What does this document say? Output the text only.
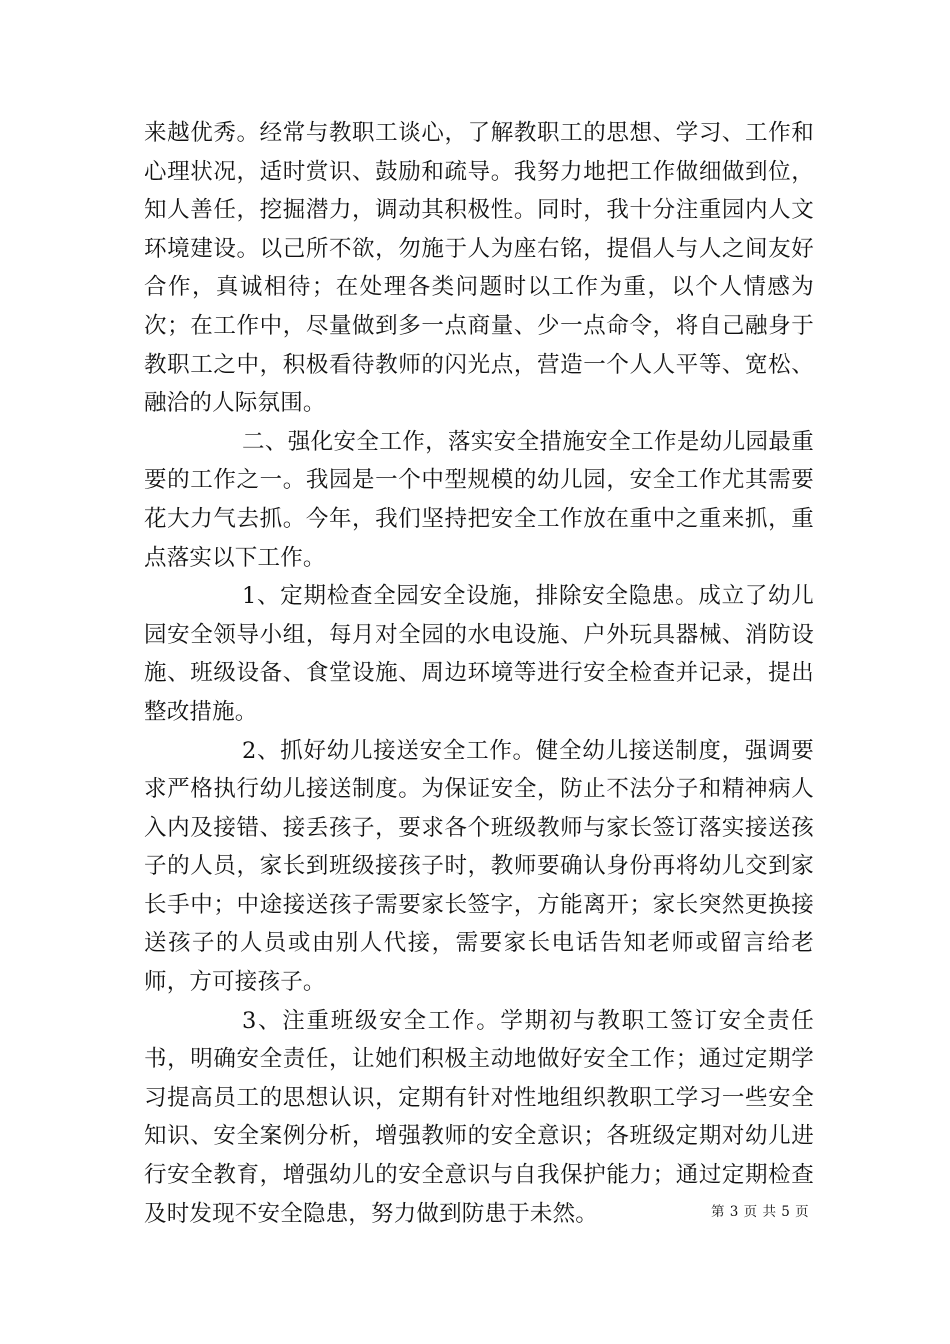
来越优秀。经常与教职工谈心，了解教职工的思想、学习、工作和心理状况，适时赏识、鼓励和疏导。我努力地把工作做细做到位，知人善任，挖掘潜力，调动其积极性。同时，我十分注重园内人文环境建设。以己所不欲，勿施于人为座右铭，提倡人与人之间友好合作，真诚相待；在处理各类问题时以工作为重，以个人情感为次；在工作中，尽量做到多一点商量、少一点命令，将自己融身于教职工之中，积极看待教师的闪光点，营造一个人人平等、宽松、融洽的人际氛围。

二、强化安全工作，落实安全措施安全工作是幼儿园最重要的工作之一。我园是一个中型规模的幼儿园，安全工作尤其需要花大力气去抓。今年，我们坚持把安全工作放在重中之重来抓，重点落实以下工作。

1、定期检查全园安全设施，排除安全隐患。成立了幼儿园安全领导小组，每月对全园的水电设施、户外玩具器械、消防设施、班级设备、食堂设施、周边环境等进行安全检查并记录，提出整改措施。

2、抓好幼儿接送安全工作。健全幼儿接送制度，强调要求严格执行幼儿接送制度。为保证安全，防止不法分子和精神病人入内及接错、接丢孩子，要求各个班级教师与家长签订落实接送孩子的人员，家长到班级接孩子时，教师要确认身份再将幼儿交到家长手中；中途接送孩子需要家长签字，方能离开；家长突然更换接送孩子的人员或由别人代接，需要家长电话告知老师或留言给老师，方可接孩子。

3、注重班级安全工作。学期初与教职工签订安全责任书，明确安全责任，让她们积极主动地做好安全工作；通过定期学习提高员工的思想认识，定期有针对性地组织教职工学习一些安全知识、安全案例分析，增强教师的安全意识；各班级定期对幼儿进行安全教育，增强幼儿的安全意识与自我保护能力；通过定期检查及时发现不安全隐患，努力做到防患于未然。	第 3 页 共 5 页
